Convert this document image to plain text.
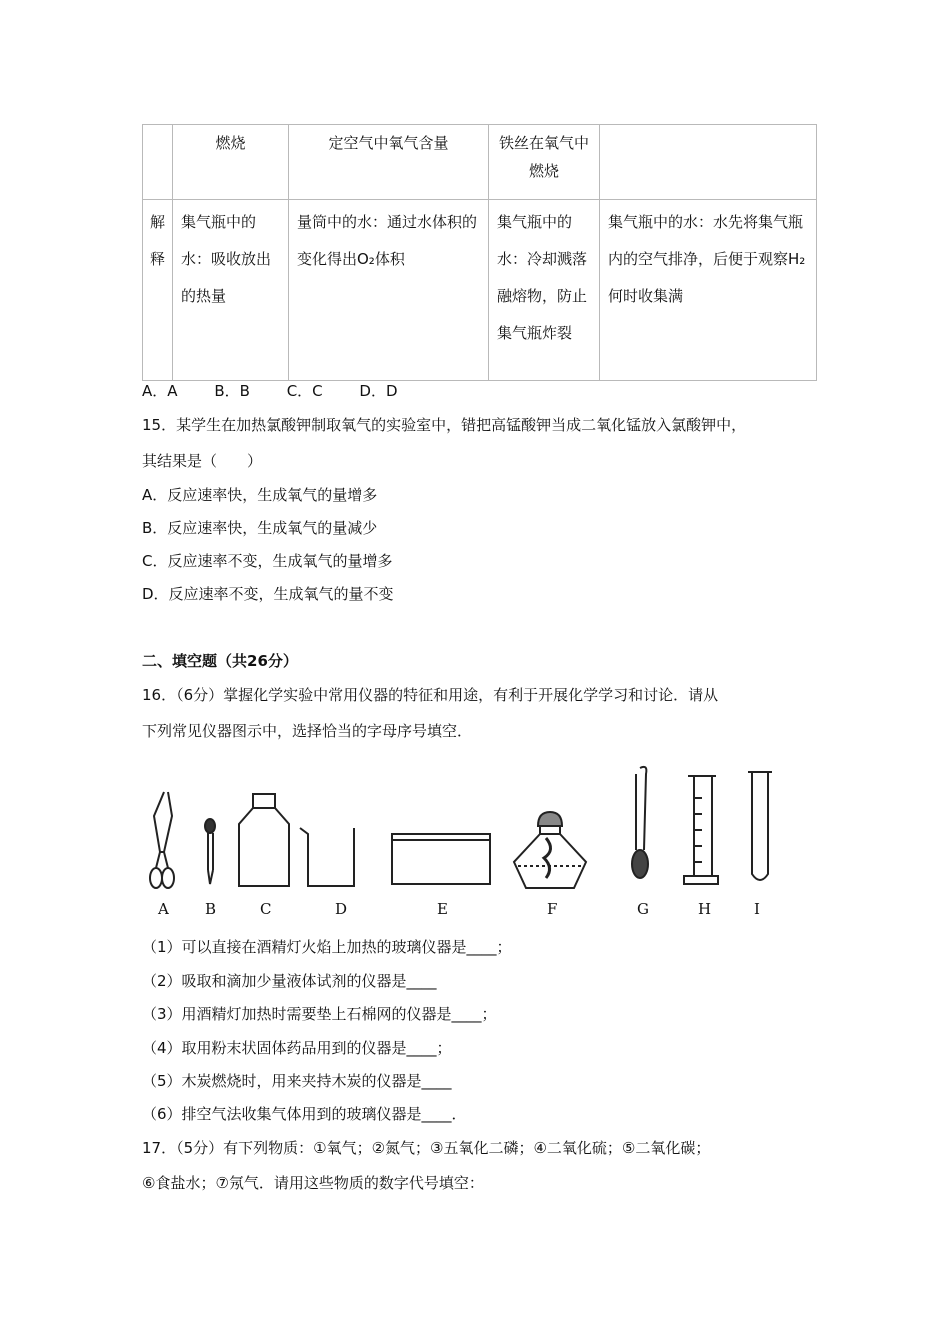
	燃烧	定空气中氧气含量	铁丝在氧气中燃烧	
解释	集气瓶中的水：吸收放出的热量	量筒中的水：通过水体积的变化得出O₂体积	集气瓶中的水：冷却溅落融熔物，防止集气瓶炸裂	集气瓶中的水：水先将集气瓶内的空气排净，后便于观察H₂何时收集满
A．A B．B C．C D．D
15．某学生在加热氯酸钾制取氧气的实验室中，错把高锰酸钾当成二氧化锰放入氯酸钾中，
其结果是（　　）
A．反应速率快，生成氧气的量增多
B．反应速率快，生成氧气的量减少
C．反应速率不变，生成氧气的量增多
D．反应速率不变，生成氧气的量不变
二、填空题（共26分）
16．（6分）掌握化学实验中常用仪器的特征和用途，有利于开展化学学习和讨论．请从
下列常见仪器图示中，选择恰当的字母序号填空．
A B	C	D	E	F	G	H	I
（1）可以直接在酒精灯火焰上加热的玻璃仪器是____；
（2）吸取和滴加少量液体试剂的仪器是____
（3）用酒精灯加热时需要垫上石棉网的仪器是____；
（4）取用粉末状固体药品用到的仪器是____；
（5）木炭燃烧时，用来夹持木炭的仪器是____
（6）排空气法收集气体用到的玻璃仪器是____．
17．（5分）有下列物质：①氧气；②氮气；③五氧化二磷；④二氧化硫；⑤二氧化碳；
⑥食盐水；⑦氖气．请用这些物质的数字代号填空：
